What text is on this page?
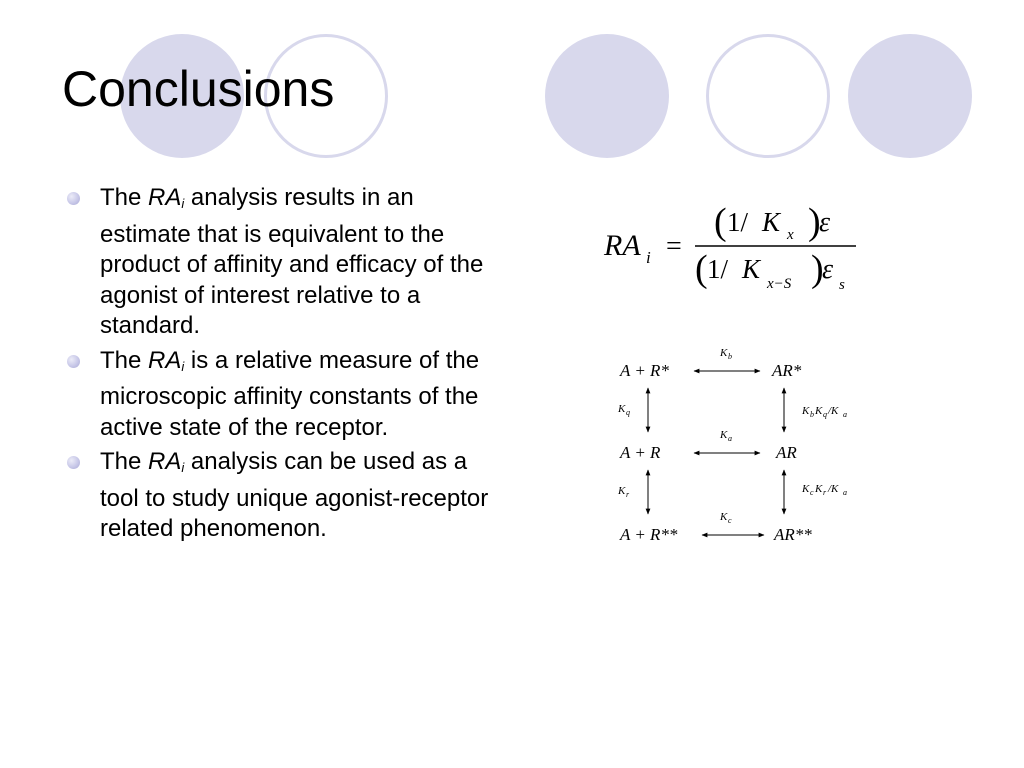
Conclusions
The $RA_i$ analysis results in an estimate that is equivalent to the product of affinity and efficacy of the agonist of interest relative to a standard.
The $RA_i$ is a relative measure of the microscopic affinity constants of the active state of the receptor.
The $RA_i$ analysis can be used as a tool to study unique agonist-receptor related phenomenon.
RA i =
( 1/ K x )
ε
( 1/ K x−S )
ε s
A + R*
K b
AR*
K q	K b K q /K a
A + R
K a
AR
K r	K c K r /K a
A + R**
K c
AR**
